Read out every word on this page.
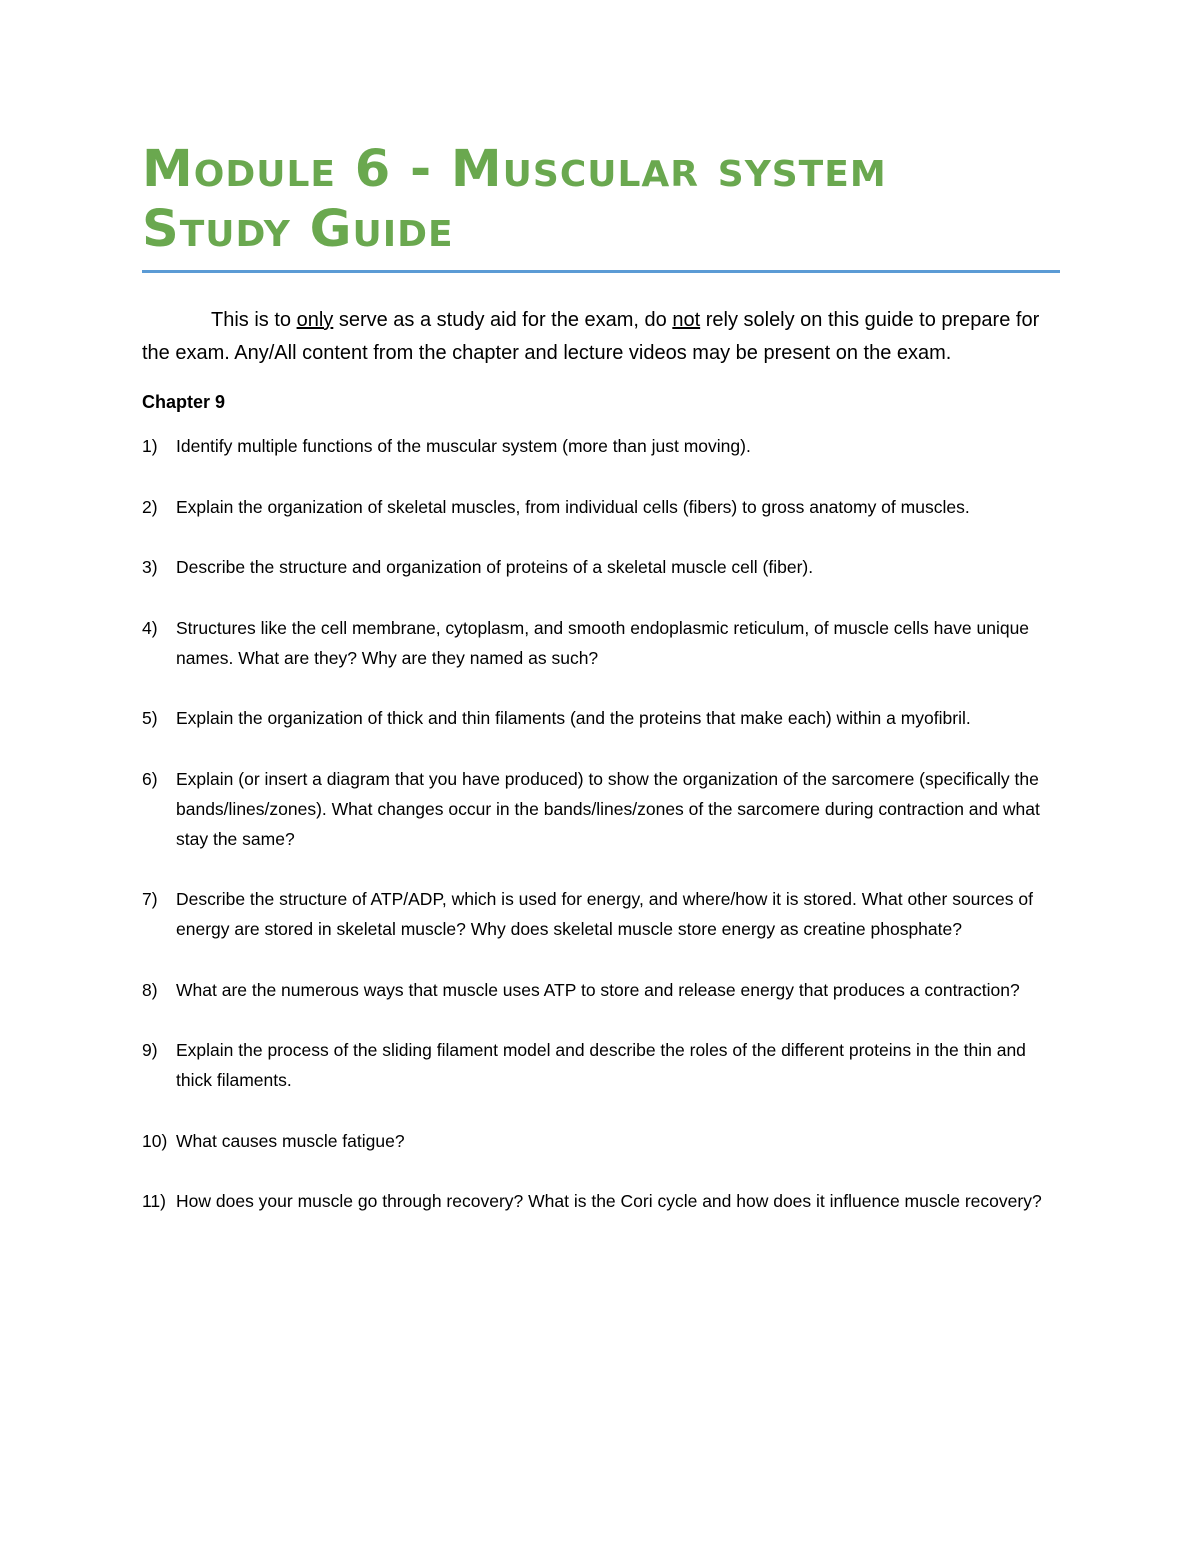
Module 6 - Muscular system
Study Guide

This is to only serve as a study aid for the exam, do not rely solely on this guide to prepare for the exam. Any/All content from the chapter and lecture videos may be present on the exam.

Chapter 9
1) Identify multiple functions of the muscular system (more than just moving).
2) Explain the organization of skeletal muscles, from individual cells (fibers) to gross anatomy of muscles.
3) Describe the structure and organization of proteins of a skeletal muscle cell (fiber).
4) Structures like the cell membrane, cytoplasm, and smooth endoplasmic reticulum, of muscle cells have unique names. What are they? Why are they named as such?
5) Explain the organization of thick and thin filaments (and the proteins that make each) within a myofibril.
6) Explain (or insert a diagram that you have produced) to show the organization of the sarcomere (specifically the bands/lines/zones). What changes occur in the bands/lines/zones of the sarcomere during contraction and what stay the same?
7) Describe the structure of ATP/ADP, which is used for energy, and where/how it is stored. What other sources of energy are stored in skeletal muscle? Why does skeletal muscle store energy as creatine phosphate?
8) What are the numerous ways that muscle uses ATP to store and release energy that produces a contraction?
9) Explain the process of the sliding filament model and describe the roles of the different proteins in the thin and thick filaments.
10) What causes muscle fatigue?
11) How does your muscle go through recovery? What is the Cori cycle and how does it influence muscle recovery?
